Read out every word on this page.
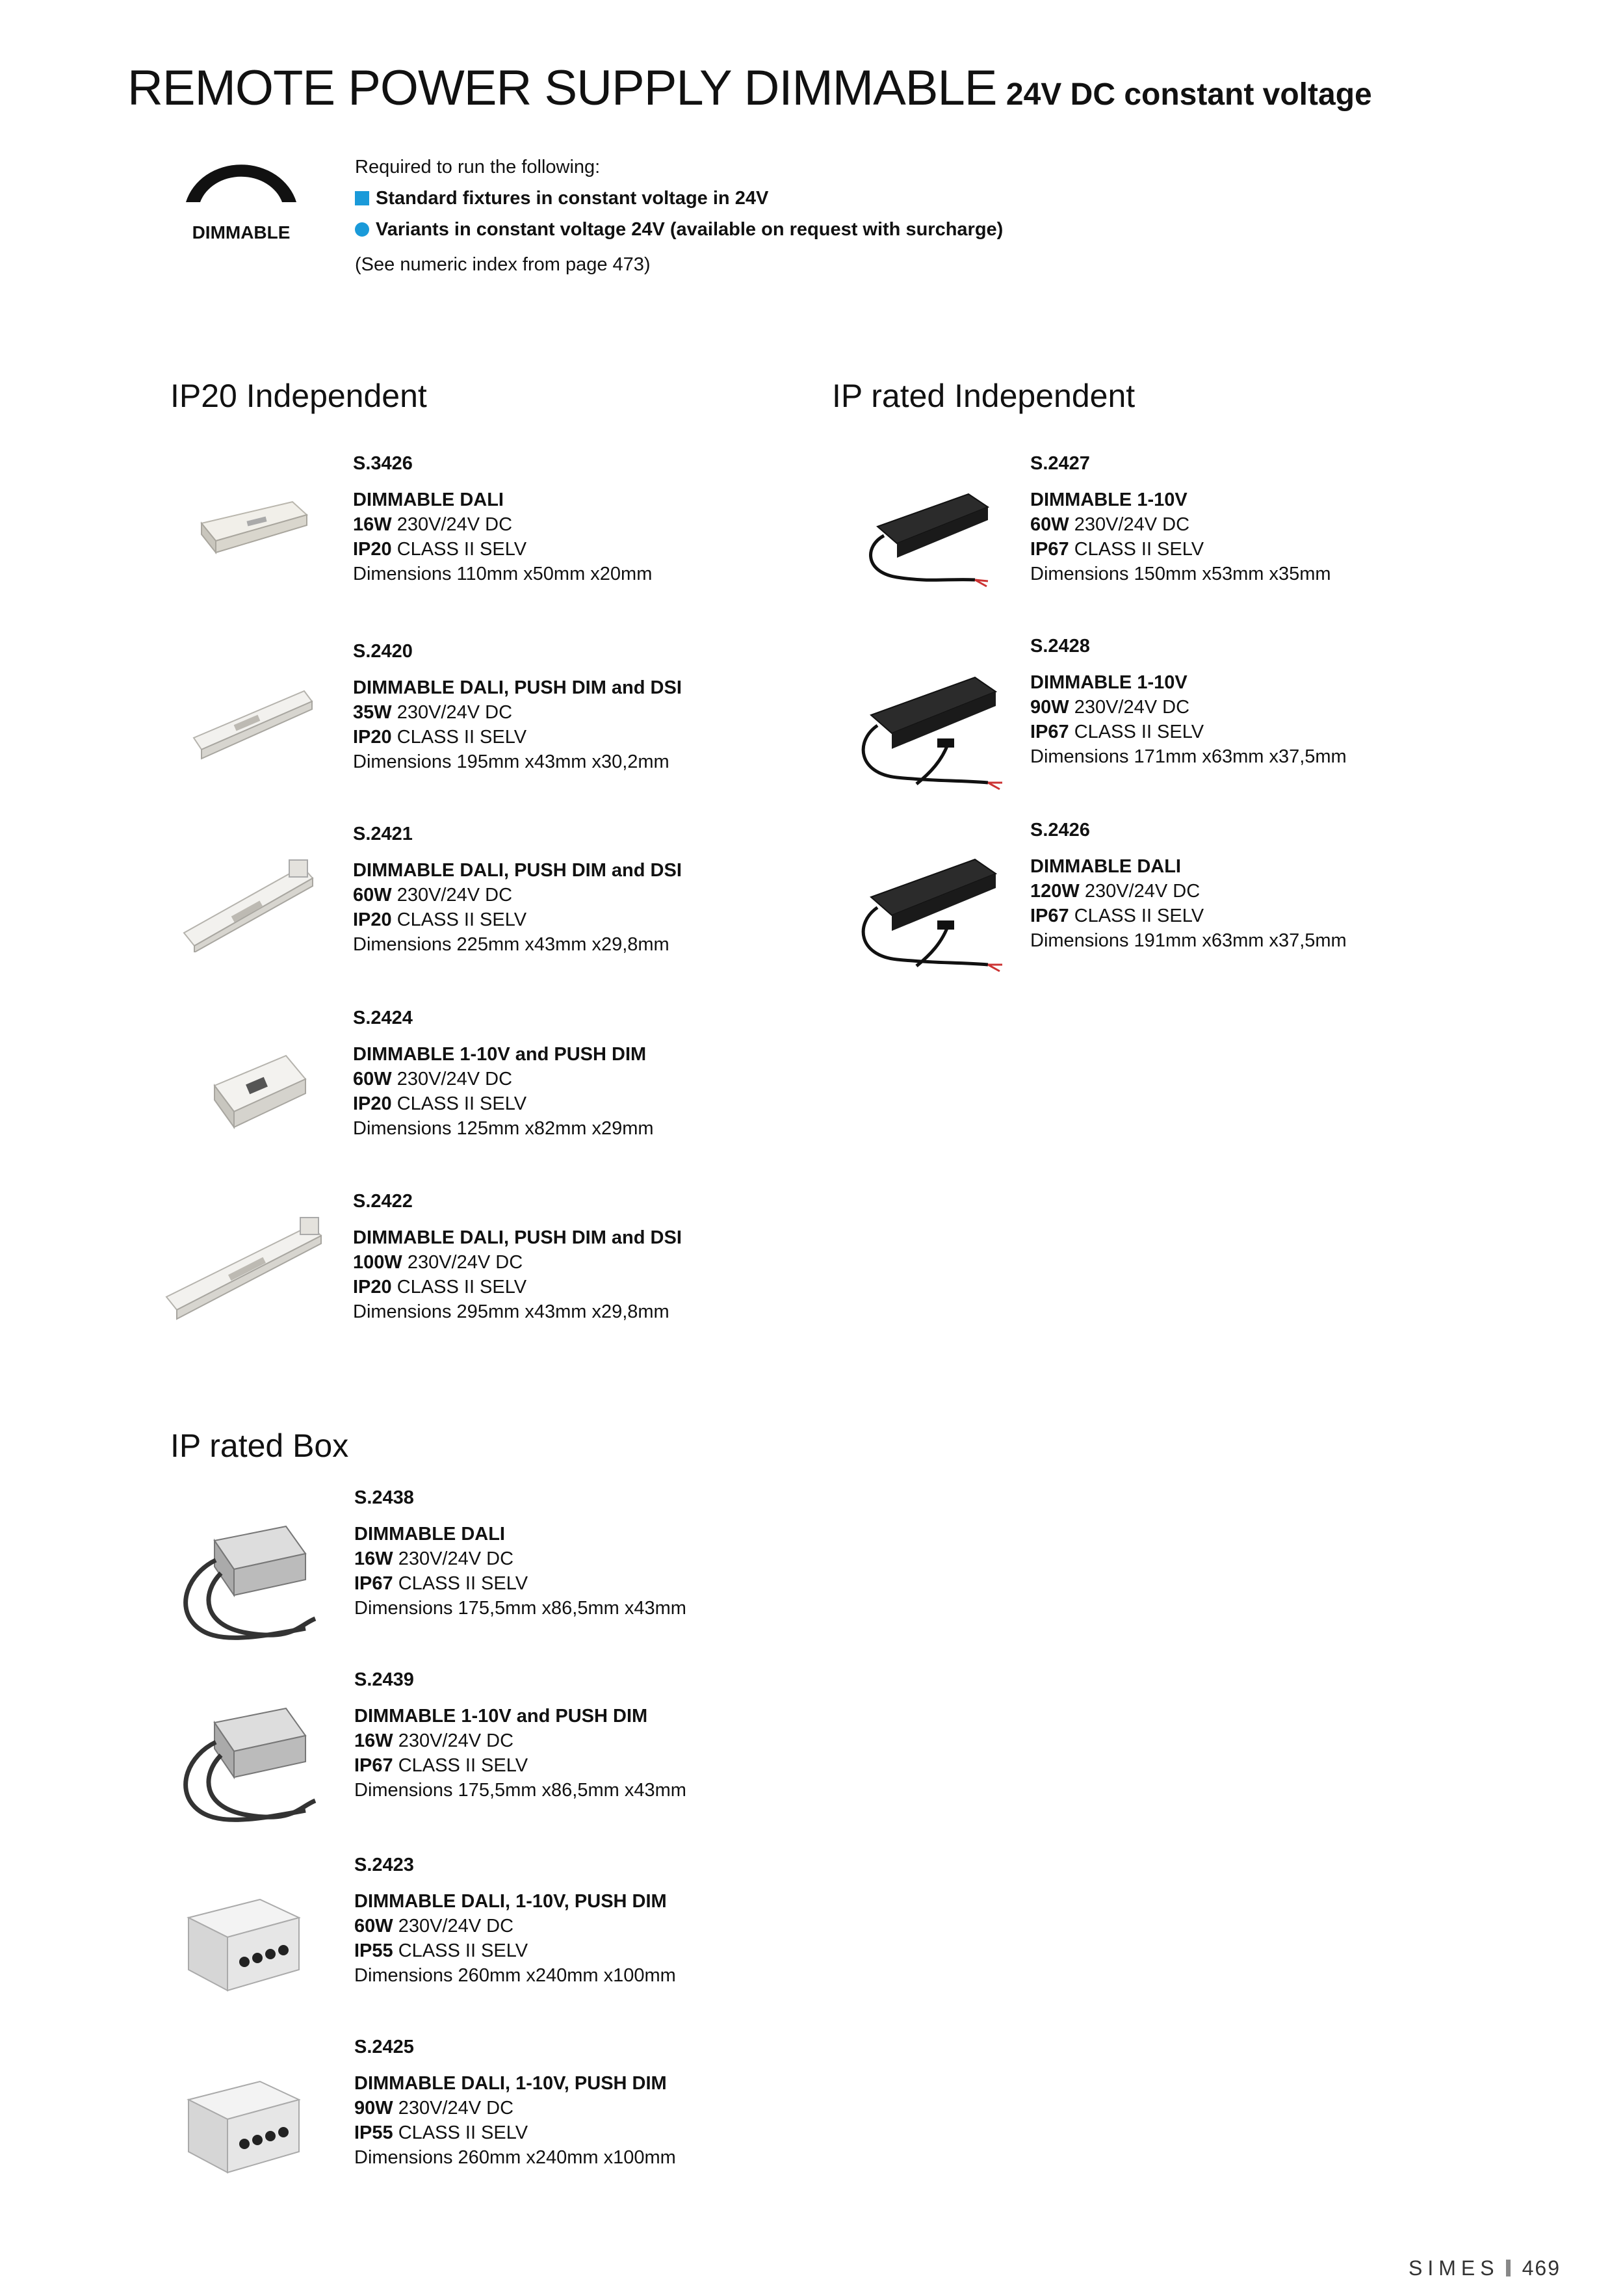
REMOTE POWER SUPPLY DIMMABLE 24V DC constant voltage
DIMMABLE
Required to run the following:
Standard fixtures in constant voltage in 24V
Variants in constant voltage 24V (available on request with surcharge)
(See numeric index from page 473)
IP20 Independent	IP rated Independent
IP rated Box
S.3426
DIMMABLE DALI
16W 230V/24V DC
IP20 CLASS II SELV
Dimensions 110mm x50mm x20mm
S.2420
DIMMABLE DALI, PUSH DIM and DSI
35W 230V/24V DC
IP20 CLASS II SELV
Dimensions 195mm x43mm x30,2mm
S.2421
DIMMABLE DALI, PUSH DIM and DSI
60W 230V/24V DC
IP20 CLASS II SELV
Dimensions 225mm x43mm x29,8mm
S.2424
DIMMABLE 1-10V and PUSH DIM
60W 230V/24V DC
IP20 CLASS II SELV
Dimensions 125mm x82mm x29mm
S.2422
DIMMABLE DALI, PUSH DIM and DSI
100W 230V/24V DC
IP20 CLASS II SELV
Dimensions 295mm x43mm x29,8mm
S.2427
DIMMABLE 1-10V
60W 230V/24V DC
IP67 CLASS II SELV
Dimensions 150mm x53mm x35mm
S.2428
DIMMABLE 1-10V
90W 230V/24V DC
IP67 CLASS II SELV
Dimensions 171mm x63mm x37,5mm
S.2426
DIMMABLE DALI
120W 230V/24V DC
IP67 CLASS II SELV
Dimensions 191mm x63mm x37,5mm
S.2438
DIMMABLE DALI
16W 230V/24V DC
IP67 CLASS II SELV
Dimensions 175,5mm x86,5mm x43mm
S.2439
DIMMABLE 1-10V and PUSH DIM
16W 230V/24V DC
IP67 CLASS II SELV
Dimensions 175,5mm x86,5mm x43mm
S.2423
DIMMABLE DALI, 1-10V, PUSH DIM
60W 230V/24V DC
IP55 CLASS II SELV
Dimensions 260mm x240mm x100mm
S.2425
DIMMABLE DALI, 1-10V, PUSH DIM
90W 230V/24V DC
IP55 CLASS II SELV
Dimensions 260mm x240mm x100mm
SIMES 469
